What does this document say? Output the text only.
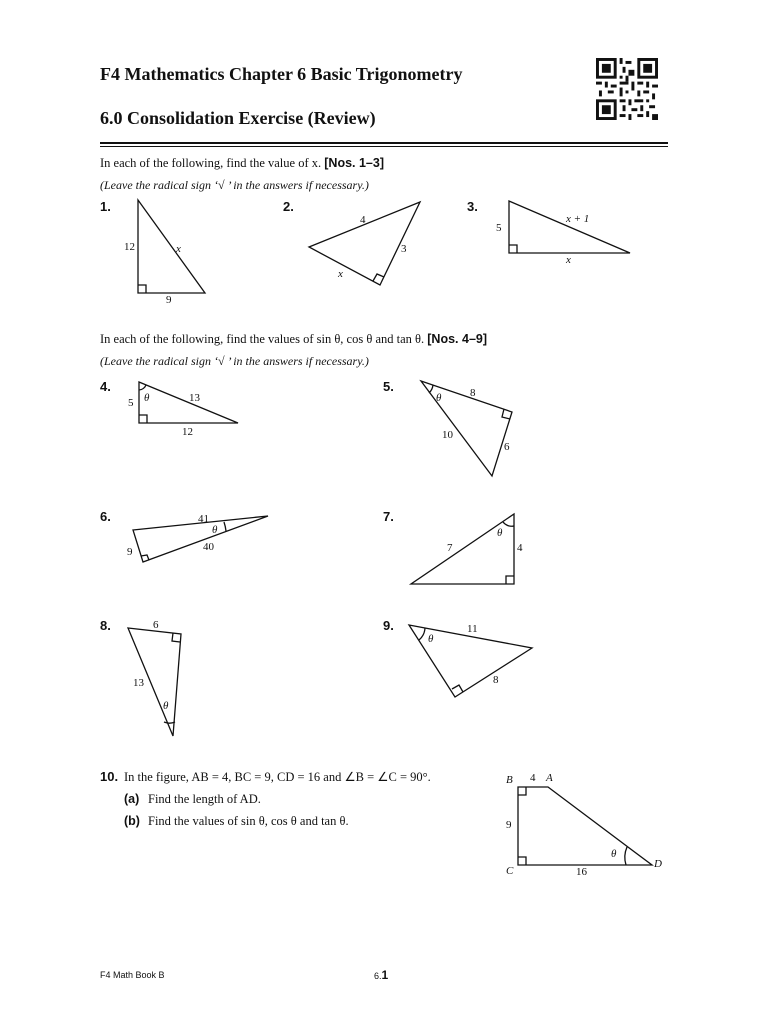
F4 Mathematics Chapter 6 Basic Trigonometry
6.0 Consolidation Exercise (Review)
In each of the following, find the value of x. [Nos. 1–3]
(Leave the radical sign ‘√ ’ in the answers if necessary.)
1.
12
9
x
2.
4
3
x
3.
5
x + 1
x
In each of the following, find the values of sin θ, cos θ and tan θ. [Nos. 4–9]
(Leave the radical sign ‘√ ’ in the answers if necessary.)
4.
5	13
12
θ
5.	8
10
6
θ
6.	41
9	40
θ
7.
7	4
θ
8.	6
13
θ
9.	11
8
θ
10. In the figure, AB = 4, BC = 9, CD = 16 and ∠B = ∠C = 90°.
(a) Find the length of AD.
(b) Find the values of sin θ, cos θ and tan θ.
B 4 A
9
C	16
D
θ
F4 Math Book B	6.1
